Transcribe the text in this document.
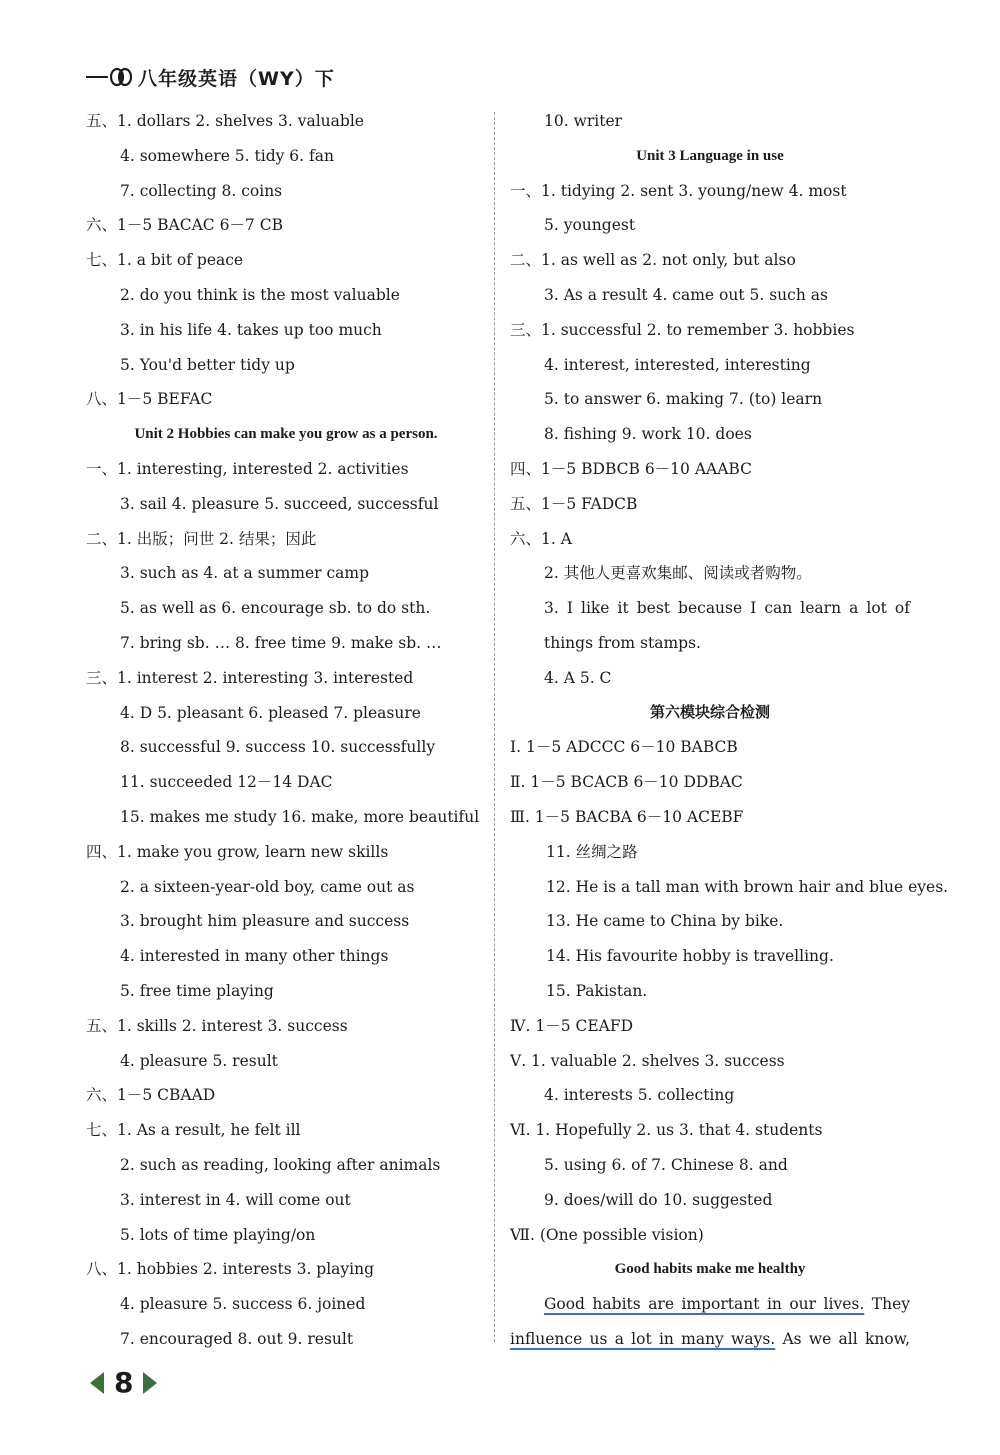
八年级英语（WY）下
五、1. dollars 2. shelves 3. valuable
4. somewhere 5. tidy 6. fan
7. collecting 8. coins
六、1－5 BACAC 6－7 CB
七、1. a bit of peace
2. do you think is the most valuable
3. in his life 4. takes up too much
5. You'd better tidy up
八、1－5 BEFAC
Unit 2 Hobbies can make you grow as a person.
一、1. interesting, interested 2. activities
3. sail 4. pleasure 5. succeed, successful
二、1. 出版；问世 2. 结果；因此
3. such as 4. at a summer camp
5. as well as 6. encourage sb. to do sth.
7. bring sb. … 8. free time 9. make sb. …
三、1. interest 2. interesting 3. interested
4. D 5. pleasant 6. pleased 7. pleasure
8. successful 9. success 10. successfully
11. succeeded 12－14 DAC
15. makes me study 16. make, more beautiful
四、1. make you grow, learn new skills
2. a sixteen-year-old boy, came out as
3. brought him pleasure and success
4. interested in many other things
5. free time playing
五、1. skills 2. interest 3. success
4. pleasure 5. result
六、1－5 CBAAD
七、1. As a result, he felt ill
2. such as reading, looking after animals
3. interest in 4. will come out
5. lots of time playing/on
八、1. hobbies 2. interests 3. playing
4. pleasure 5. success 6. joined
7. encouraged 8. out 9. result
10. writer
Unit 3 Language in use
一、1. tidying 2. sent 3. young/new 4. most
5. youngest
二、1. as well as 2. not only, but also
3. As a result 4. came out 5. such as
三、1. successful 2. to remember 3. hobbies
4. interest, interested, interesting
5. to answer 6. making 7. (to) learn
8. fishing 9. work 10. does
四、1－5 BDBCB 6－10 AAABC
五、1－5 FADCB
六、1. A
2. 其他人更喜欢集邮、阅读或者购物。
3. I like it best because I can learn a lot of
things from stamps.
4. A 5. C
第六模块综合检测
Ⅰ. 1－5 ADCCC 6－10 BABCB
Ⅱ. 1－5 BCACB 6－10 DDBAC
Ⅲ. 1－5 BACBA 6－10 ACEBF
11. 丝绸之路
12. He is a tall man with brown hair and blue eyes.
13. He came to China by bike.
14. His favourite hobby is travelling.
15. Pakistan.
Ⅳ. 1－5 CEAFD
Ⅴ. 1. valuable 2. shelves 3. success
4. interests 5. collecting
Ⅵ. 1. Hopefully 2. us 3. that 4. students
5. using 6. of 7. Chinese 8. and
9. does/will do 10. suggested
Ⅶ. (One possible vision)
Good habits make me healthy
Good habits are important in our lives. They
influence us a lot in many ways. As we all know,
8
